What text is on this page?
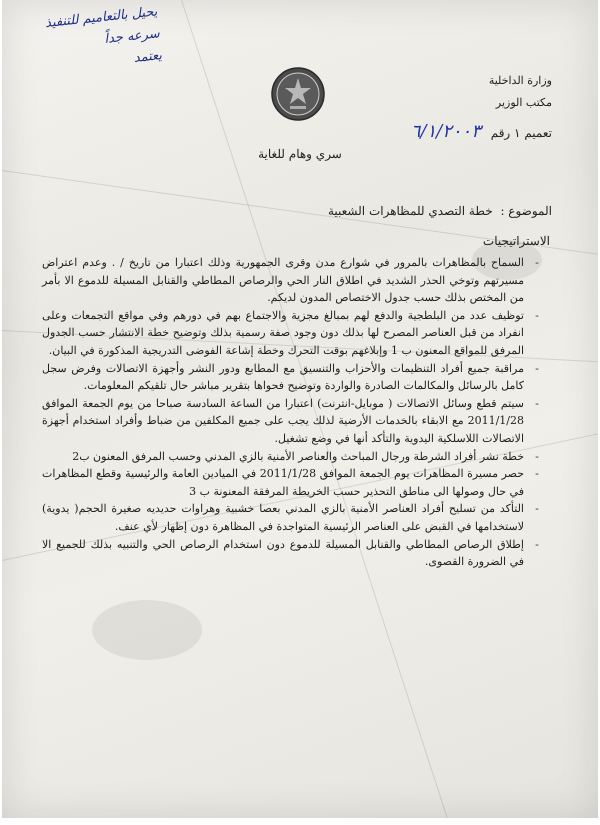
يحيل بالتعاميم للتنفيذ
سرعه جداً
يعتمد
وزارة الداخلية
مكتب الوزير
تعميم ١ رقم ٦/١/٢٠٠٣
سري وهام للغاية
الموضوع : خطة التصدي للمظاهرات الشعبية
الاستراتيجيات
-
السماح بالمظاهرات بالمرور في شوارع مدن وقرى الجمهورية وذلك اعتبارا من تاريخ / . وعدم اعتراض مسيرتهم وتوخي الحذر الشديد في اطلاق النار الحي والرصاص المطاطي والقنابل المسيلة للدموع الا بأمر من المختص بذلك حسب جدول الاختصاص المدون لديكم.
-
توظيف عدد من البلطجية والدفع لهم بمبالغ مجزية والاجتماع بهم في دورهم وفي مواقع التجمعات وعلى انفراد من قبل العناصر المصرح لها بذلك دون وجود صفة رسمية بذلك وتوضيح خطة الانتشار حسب الجدول المرفق للمواقع المعنون ب 1 وإبلاغهم بوقت التحرك وخطة إشاعة الفوضى التدريجية المذكورة في البيان.
-
مراقبة جميع أفراد التنظيمات والأحزاب والتنسيق مع المطابع ودور النشر وأجهزة الاتصالات وفرض سجل كامل بالرسائل والمكالمات الصادرة والواردة وتوضيح فحواها بتقرير مباشر حال تلقيكم المعلومات.
-
سيتم قطع وسائل الاتصالات ( موبايل-انترنت) اعتبارا من الساعة السادسة صباحا من يوم الجمعة الموافق 2011/1/28 مع الابقاء بالخدمات الأرضية لذلك يجب على جميع المكلفين من ضباط وأفراد استخدام أجهزة الاتصالات اللاسلكية اليدوية والتأكد أنها في وضع تشغيل.
-
خطة نشر أفراد الشرطة ورجال المباحث والعناصر الأمنية بالزي المدني وحسب المرفق المعنون ب2
-
حصر مسيرة المظاهرات يوم الجمعة الموافق 2011/1/28 في الميادين العامة والرئيسية وقطع المظاهرات في حال وصولها الى مناطق التحذير حسب الخريطة المرفقة المعنونة ب 3
-
التأكد من تسليح أفراد العناصر الأمنية بالزي المدني بعصا خشبية وهراوات حديديه صغيرة الحجم( يدوية) لاستخدامها في القبض على العناصر الرئيسية المتواجدة في المظاهرة دون إظهار لأي عنف.
-
إطلاق الرصاص المطاطي والقنابل المسيلة للدموع دون استخدام الرصاص الحي والتنبيه بذلك للجميع الا في الضرورة القصوى.
